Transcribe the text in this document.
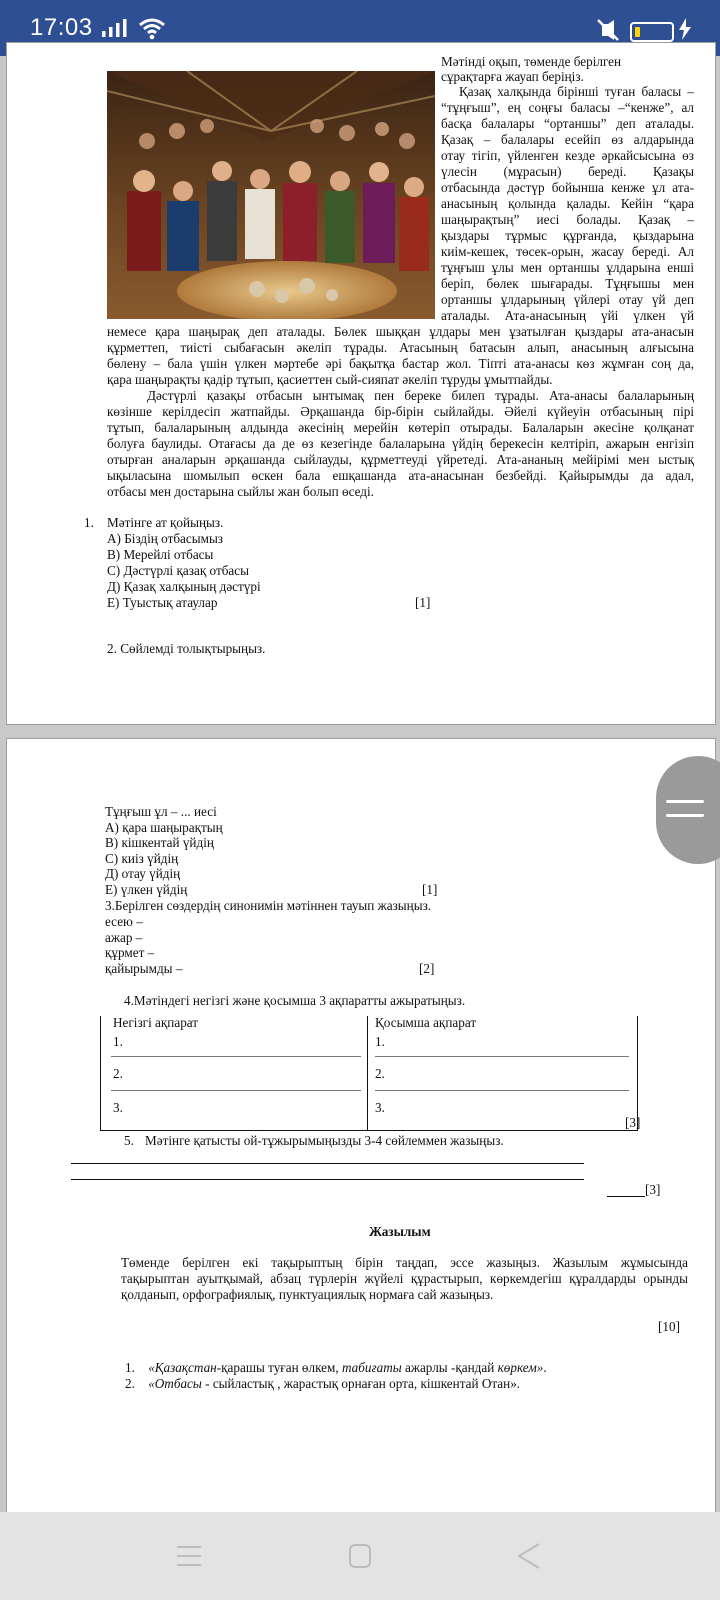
17:03
Мәтінді оқып, төменде берілген
сұрақтарға жауап беріңіз.
Қазақ халқында бірінші туған баласы –
“тұңғыш”, ең соңғы баласы –“кенже”, ал
басқа балалары “ортаншы” деп аталады.
Қазақ – балалары есейіп өз алдарында
отау тігіп, үйленген кезде әркайсысына өз
үлесін (мұрасын) береді. Қазақы
отбасында дәстүр бойынша кенже ұл ата-
анасының қолында қалады. Кейін “қара
шаңырақтың” иесі болады. Қазақ –
қыздары тұрмыс құрғанда, қыздарына
киім-кешек, төсек-орын, жасау береді. Ал
тұңғыш ұлы мен ортаншы ұлдарына енші
беріп, бөлек шығарады. Тұңғышы мен
ортаншы ұлдарының үйлері отау үй деп
аталады. Ата-анасының үйі үлкен үй
немесе қара шаңырақ деп аталады. Бөлек шыққан ұлдары мен ұзатылған қыздары ата-анасын
құрметтеп, тиісті сыбағасын әкеліп тұрады. Атасының батасын алып, анасының алғысына
бөлену – бала үшін үлкен мәртебе әрі бақытқа бастар жол. Тіпті ата-анасы көз жұмған соң да,
қара шаңырақты қадір тұтып, қасиеттен сый-сияпат әкеліп тұруды ұмытпайды.
Дәстүрлі қазақы отбасын ынтымақ пен береке билеп тұрады. Ата-анасы балаларының
көзінше керілдесіп жатпайды. Әрқашанда бір-бірін сыйлайды. Әйелі күйеуін отбасының пірі
тұтып, балаларының алдында әкесінің мерейін көтеріп отырады. Балаларын әкесіне қолқанат
болуға баулиды. Отағасы да де өз кезегінде балаларына үйдің берекесін келтіріп, ажарын енгізіп
отырған аналарын әрқашанда сыйлауды, құрметтеуді үйретеді. Ата-ананың мейірімі мен ыстық
ықыласына шомылып өскен бала ешқашанда ата-анасынан безбейді. Қайырымды да адал,
отбасы мен достарына сыйлы жан болып өседі.
1. Мәтінге ат қойыңыз.
А) Біздің отбасымыз
В) Мерейлі отбасы
С) Дәстүрлі қазақ отбасы
Д) Қазақ халқының дәстүрі
Е) Туыстық атаулар	[1]
2. Сөйлемді толықтырыңыз.
Тұңғыш ұл – ... иесі
А) қара шаңырақтың
В) кішкентай үйдің
С) киіз үйдің
Д) отау үйдің
Е) үлкен үйдің	[1]
3.Берілген сөздердің синонимін мәтіннен тауып жазыңыз.
есею –
ажар –
құрмет –
қайырымды –	[2]
4.Мәтіндегі негізгі және қосымша 3 ақпаратты ажыратыңыз.
Негізгі ақпарат	Қосымша ақпарат
1.	1.
2.	2.
3.	3.
[3]
5. Мәтінге қатысты ой-тұжырымыңызды 3-4 сөйлеммен жазыңыз.
[3]
Жазылым
Төменде берілген екі тақырыптың бірін таңдап, эссе жазыңыз. Жазылым жұмысында
тақырыптан ауытқымай, абзац түрлерін жүйелі құрастырып, көркемдегіш құралдарды орынды
қолданып, орфографиялық, пунктуациялық нормаға сай жазыңыз.
[10]
1. «Қазақстан-қарашы туған өлкем, табиғаты ажарлы -қандай көркем».
2. «Отбасы - сыйластық , жарастық орнаған орта, кішкентай Отан».
